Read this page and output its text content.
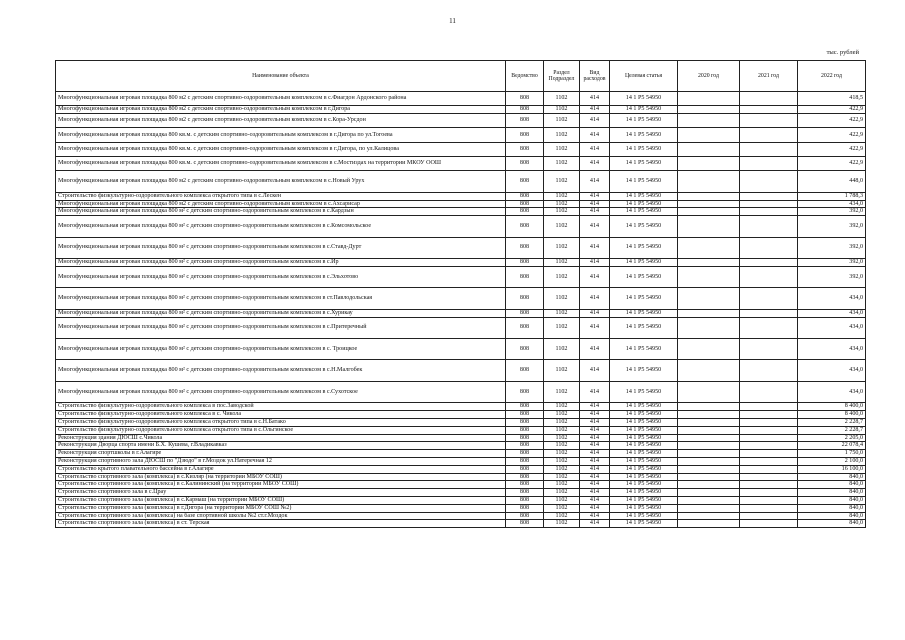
11
тыс. рублей
Наименование объекта	Ведомство	Раздел Подраздел	Вид расходов	Целевая статья	2020 год	2021 год	2022 год
Многофункциональная игровая площадка 800 м2 с детским спортивно-оздоровительным комплексом в с.Фиагдон Ардонского района	808	1102	414	14 1 Р5 54950			418,5
Многофункциональная игровая площадка 800 м2 с детским спортивно-оздоровительным комплексом в г.Дигора	808	1102	414	14 1 Р5 54950			422,9
Многофункциональная игровая площадка 800 м2 с детским спортивно-оздоровительным комплексом в с.Кора-Урсдон	808	1102	414	14 1 Р5 54950			422,9
Многофункциональная игровая площадка 800 кв.м. с детским спортивно-оздоровительным комплексом в г.Дигора по ул.Тогоева	808	1102	414	14 1 Р5 54950			422,9
Многофункциональная игровая площадка 800 кв.м. с детским спортивно-оздоровительным комплексом в г.Дигора, по ул.Калицова	808	1102	414	14 1 Р5 54950			422,9
Многофункциональная игровая площадка 800 кв.м. с детским спортивно-оздоровительным комплексом в с.Мостиздах на территории МКОУ ООШ	808	1102	414	14 1 Р5 54950			422,9
Многофункциональная игровая площадка 800 м2 с детским спортивно-оздоровительным комплексом в с.Новый Урух	808	1102	414	14 1 Р5 54950			448,0
Строительство физкультурно-оздоровительного комплекса открытого типа в с.Лескен	808	1102	414	14 1 Р5 54950			1 788,3
Многофункциональная игровая площадка 800 м2 с детским спортивно-оздоровительным комплексом в с.Ахсарисар	808	1102	414	14 1 Р5 54950			434,0
Многофункциональная игровая площадка 800 м² с детским спортивно-оздоровительным комплексом в с.Кардзын	808	1102	414	14 1 Р5 54950			392,0
Многофункциональная игровая площадка 800 м² с детским спортивно-оздоровительным комплексом в с.Комсомольское	808	1102	414	14 1 Р5 54950			392,0
Многофункциональная игровая площадка 800 м² с детским спортивно-оздоровительным комплексом в с.Ставд-Дурт	808	1102	414	14 1 Р5 54950			392,0
Многофункциональная игровая площадка 800 м² с детским спортивно-оздоровительным комплексом в с.Ир	808	1102	414	14 1 Р5 54950			392,0
Многофункциональная игровая площадка 800 м² с детским спортивно-оздоровительным комплексом в с.Эльхотово	808	1102	414	14 1 Р5 54950			392,0
Многофункциональная игровая площадка 800 м² с детским спортивно-оздоровительным комплексом в ст.Павлодольская	808	1102	414	14 1 Р5 54950			434,0
Многофункциональная игровая площадка 800 м² с детским спортивно-оздоровительным комплексом в с.Хурикау	808	1102	414	14 1 Р5 54950			434,0
Многофункциональная игровая площадка 800 м² с детским спортивно-оздоровительным комплексом в с.Притеречный	808	1102	414	14 1 Р5 54950			434,0
Многофункциональная игровая площадка 800 м² с детским спортивно-оздоровительным комплексом в с. Троицкое	808	1102	414	14 1 Р5 54950			434,0
Многофункциональная игровая площадка 800 м² с детским спортивно-оздоровительным комплексом в с.Н.Малгобек	808	1102	414	14 1 Р5 54950			434,0
Многофункциональная игровая площадка 800 м² с детским спортивно-оздоровительным комплексом в с.Сухотское	808	1102	414	14 1 Р5 54950			434,0
Строительство физкультурно-оздоровительного комплекса в пос.Заводской	808	1102	414	14 1 Р5 54950			8 400,0
Строительство физкультурно-оздоровительного комплекса в с. Чикола	808	1102	414	14 1 Р5 54950			8 400,0
Строительство физкультурно-оздоровительного комплекса открытого типа в с.Н.Батако	808	1102	414	14 1 Р5 54950			2 228,7
Строительство физкультурно-оздоровительного комплекса открытого типа в с.Ольгинское	808	1102	414	14 1 Р5 54950			2 228,7
Реконструкция здания ДЮСШ с.Чикола	808	1102	414	14 1 Р5 54950			2 205,0
Реконструкция Дворца спорта имени Б.Х. Кушева, г.Владикавказ	808	1102	414	14 1 Р5 54950			22 078,4
Реконструкция спортшколы в г.Алагире	808	1102	414	14 1 Р5 54950			1 750,0
Реконструкция спортивного зала ДЮСШ по "Дзюдо" в г.Моздок ул.Натеречная 12	808	1102	414	14 1 Р5 54950			2 100,0
Строительство крытого плавательного бассейна в г.Алагире	808	1102	414	14 1 Р5 54950			16 100,0
Строительство спортивного зала (комплекса) в с.Кизляр (на территории МБОУ СОШ)	808	1102	414	14 1 Р5 54950			840,0
Строительство спортивного зала (комплекса) в с.Калининский (на территории МБОУ СОШ)	808	1102	414	14 1 Р5 54950			840,0
Строительство спортивного зала в с.Цраy	808	1102	414	14 1 Р5 54950			840,0
Строительство спортивного зала (комплекса) в с.Кармаш (на территории МБОУ СОШ)	808	1102	414	14 1 Р5 54950			840,0
Строительство спортивного зала (комплекса) в г.Дигора (на территории МБОУ СОШ №2)	808	1102	414	14 1 Р5 54950			840,0
Строительство спортивного зала (комплекса) на базе спортивной школы №2 ст.г.Моздок	808	1102	414	14 1 Р5 54950			840,0
Строительство спортивного зала (комплекса) в ст. Терская	808	1102	414	14 1 Р5 54950			840,0
